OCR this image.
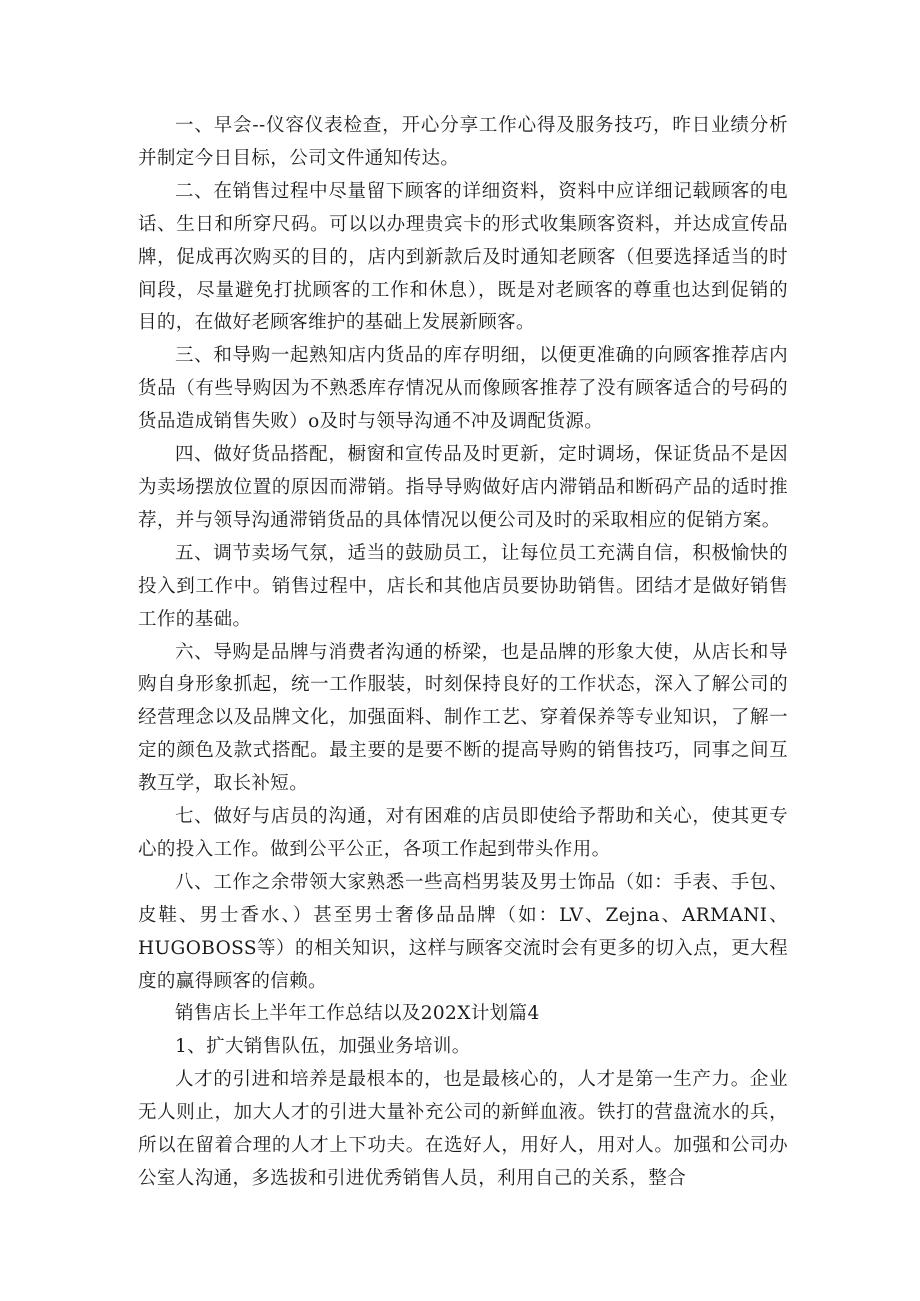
一、早会--仪容仪表检查，开心分享工作心得及服务技巧，昨日业绩分析并制定今日目标，公司文件通知传达。

二、在销售过程中尽量留下顾客的详细资料，资料中应详细记载顾客的电话、生日和所穿尺码。可以以办理贵宾卡的形式收集顾客资料，并达成宣传品牌，促成再次购买的目的，店内到新款后及时通知老顾客（但要选择适当的时间段，尽量避免打扰顾客的工作和休息），既是对老顾客的尊重也达到促销的目的，在做好老顾客维护的基础上发展新顾客。

三、和导购一起熟知店内货品的库存明细，以便更准确的向顾客推荐店内货品（有些导购因为不熟悉库存情况从而像顾客推荐了没有顾客适合的号码的货品造成销售失败）o及时与领导沟通不冲及调配货源。

四、做好货品搭配，橱窗和宣传品及时更新，定时调场，保证货品不是因为卖场摆放位置的原因而滞销。指导导购做好店内滞销品和断码产品的适时推荐，并与领导沟通滞销货品的具体情况以便公司及时的采取相应的促销方案。

五、调节卖场气氛，适当的鼓励员工，让每位员工充满自信，积极愉快的投入到工作中。销售过程中，店长和其他店员要协助销售。团结才是做好销售工作的基础。

六、导购是品牌与消费者沟通的桥梁，也是品牌的形象大使，从店长和导购自身形象抓起，统一工作服装，时刻保持良好的工作状态，深入了解公司的经营理念以及品牌文化，加强面料、制作工艺、穿着保养等专业知识，了解一定的颜色及款式搭配。最主要的是要不断的提高导购的销售技巧，同事之间互教互学，取长补短。

七、做好与店员的沟通，对有困难的店员即使给予帮助和关心，使其更专心的投入工作。做到公平公正，各项工作起到带头作用。

八、工作之余带领大家熟悉一些高档男装及男士饰品（如：手表、手包、皮鞋、男士香水、）甚至男士奢侈品品牌（如：LV、Zejna、ARMANI、HUGOBOSS等）的相关知识，这样与顾客交流时会有更多的切入点，更大程度的赢得顾客的信赖。

销售店长上半年工作总结以及202X计划篇4

1、扩大销售队伍，加强业务培训。

人才的引进和培养是最根本的，也是最核心的，人才是第一生产力。企业无人则止，加大人才的引进大量补充公司的新鲜血液。铁打的营盘流水的兵，所以在留着合理的人才上下功夫。在选好人，用好人，用对人。加强和公司办公室人沟通，多选拔和引进优秀销售人员，利用自己的关系，整合
